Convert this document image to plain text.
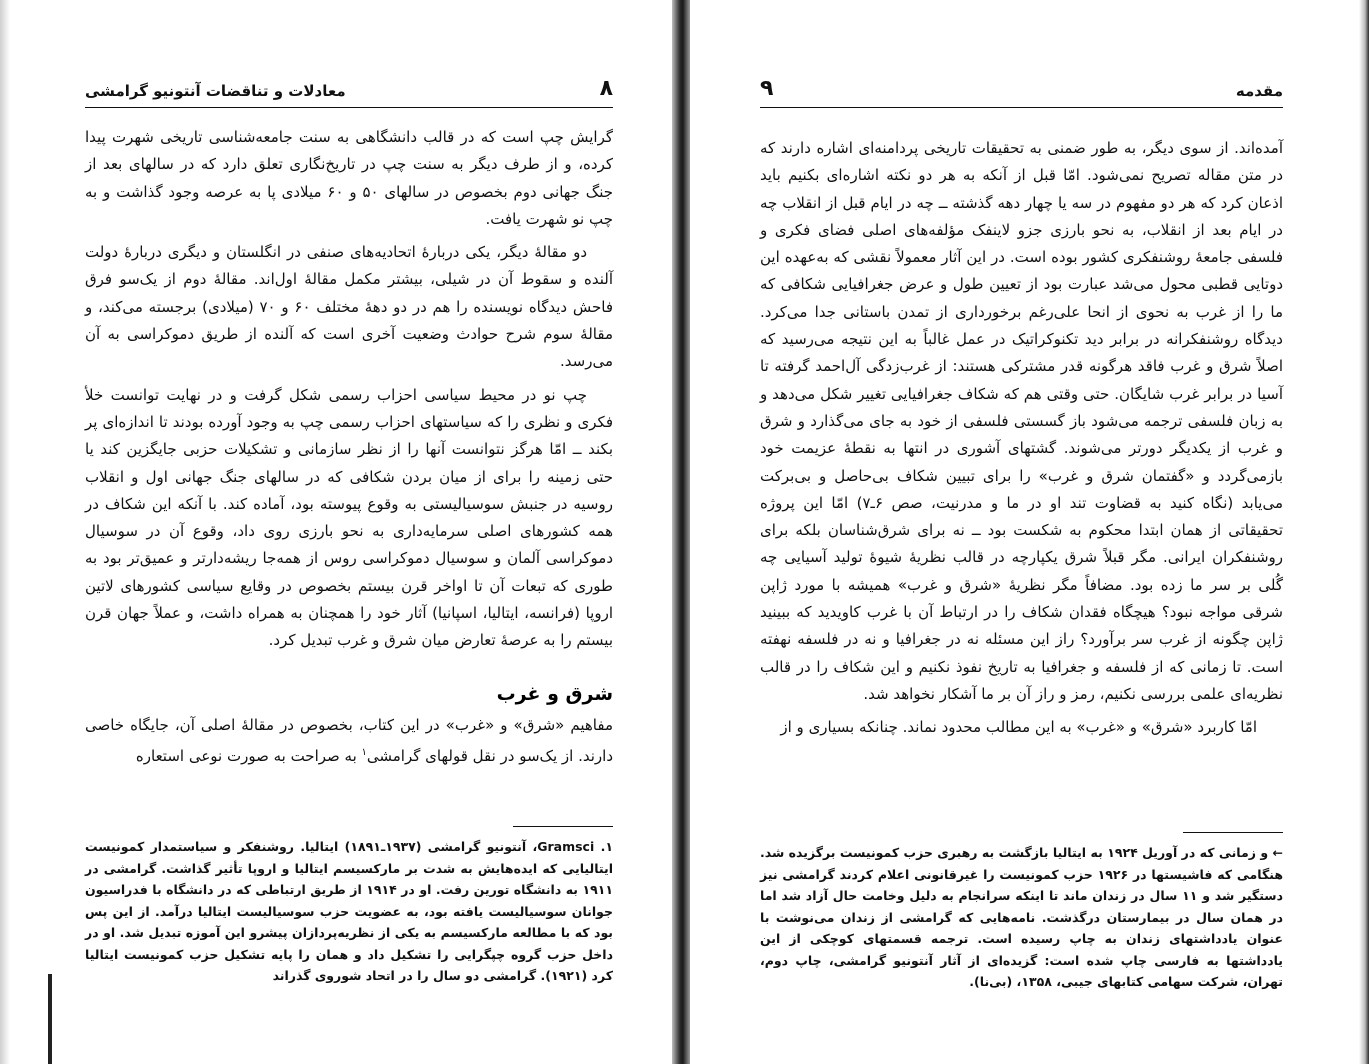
معادلات و تناقضات آنتونیو گرامشی	۸

گرایش چپ است که در قالب دانشگاهی به سنت جامعه‌شناسی تاریخی شهرت پیدا کرده، و از طرف دیگر به سنت چپ در تاریخ‌نگاری تعلق دارد که در سالهای بعد از جنگ جهانی دوم بخصوص در سالهای ۵۰ و ۶۰ میلادی پا به عرصه وجود گذاشت و به چپ نو شهرت یافت.

دو مقالهٔ دیگر، یکی دربارهٔ اتحادیه‌های صنفی در انگلستان و دیگری دربارهٔ دولت آلنده و سقوط آن در شیلی، بیشتر مکمل مقالهٔ اول‌اند. مقالهٔ دوم از یک‌سو فرق فاحش دیدگاه نویسنده را هم در دو دههٔ مختلف ۶۰ و ۷۰ (میلادی) برجسته می‌کند، و مقالهٔ سوم شرح حوادث وضعیت آخری است که آلنده از طریق دموکراسی به آن می‌رسد.

چپ نو در محیط سیاسی احزاب رسمی شکل گرفت و در نهایت توانست خلأ فکری و نظری را که سیاستهای احزاب رسمی چپ به وجود آورده بودند تا اندازه‌ای پر بکند ــ امّا هرگز نتوانست آنها را از نظر سازمانی و تشکیلات حزبی جایگزین کند یا حتی زمینه را برای از میان بردن شکافی که در سالهای جنگ جهانی اول و انقلاب روسیه در جنبش سوسیالیستی به وقوع پیوسته بود، آماده کند. با آنکه این شکاف در همه کشورهای اصلی سرمایه‌داری به نحو بارزی روی داد، وقوع آن در سوسیال دموکراسی آلمان و سوسیال دموکراسی روس از همه‌جا ریشه‌دارتر و عمیق‌تر بود به طوری که تبعات آن تا اواخر قرن بیستم بخصوص در وقایع سیاسی کشورهای لاتین اروپا (فرانسه، ایتالیا، اسپانیا) آثار خود را همچنان به همراه داشت، و عملاً جهان قرن بیستم را به عرصهٔ تعارض میان شرق و غرب تبدیل کرد.

شرق و غرب

مفاهیم «شرق» و «غرب» در این کتاب، بخصوص در مقالهٔ اصلی آن، جایگاه خاصی دارند. از یک‌سو در نقل قولهای گرامشی$^۱$ به صراحت به صورت نوعی استعاره

۱. Gramsci، آنتونیو گرامشی (۱۹۳۷ـ۱۸۹۱) ایتالیا. روشنفکر و سیاستمدار کمونیست ایتالیایی که ایده‌هایش به شدت بر مارکسیسم ایتالیا و اروپا تأثیر گذاشت. گرامشی در ۱۹۱۱ به دانشگاه تورین رفت. او در ۱۹۱۴ از طریق ارتباطی که در دانشگاه با فدراسیون جوانان سوسیالیست یافته بود، به عضویت حزب سوسیالیست ایتالیا درآمد. از این پس بود که با مطالعه مارکسیسم به یکی از نظریه‌پردازان پیشرو این آموزه تبدیل شد. او در داخل حزب گروه چپگرایی را تشکیل داد و همان را پایه تشکیل حزب کمونیست ایتالیا کرد (۱۹۲۱). گرامشی دو سال را در اتحاد شوروی گذراند

مقدمه
۹

آمده‌اند. از سوی دیگر، به طور ضمنی به تحقیقات تاریخی پردامنه‌ای اشاره دارند که در متن مقاله تصریح نمی‌شود. امّا قبل از آنکه به هر دو نکته اشاره‌ای بکنیم باید اذعان کرد که هر دو مفهوم در سه یا چهار دهه گذشته ــ چه در ایام قبل از انقلاب چه در ایام بعد از انقلاب، به نحو بارزی جزو لاینفک مؤلفه‌های اصلی فضای فکری و فلسفی جامعهٔ روشنفکری کشور بوده است. در این آثار معمولاً نقشی که به‌عهده این دوتایی قطبی محول می‌شد عبارت بود از تعیین طول و عرض جغرافیایی شکافی که ما را از غرب به نحوی از انحا علی‌رغم برخورداری از تمدن باستانی جدا می‌کرد. دیدگاه روشنفکرانه در برابر دید تکنوکراتیک در عمل غالباً به این نتیجه می‌رسید که اصلاً شرق و غرب فاقد هرگونه قدر مشترکی هستند: از غرب‌زدگی آل‌احمد گرفته تا آسیا در برابر غرب شایگان. حتی وقتی هم که شکاف جغرافیایی تغییر شکل می‌دهد و به زبان فلسفی ترجمه می‌شود باز گسستی فلسفی از خود به جای می‌گذارد و شرق و غرب از یکدیگر دورتر می‌شوند. گشتهای آشوری در انتها به نقطهٔ عزیمت خود بازمی‌گردد و «گفتمان شرق و غرب» را برای تبیین شکاف بی‌حاصل و بی‌برکت می‌یابد (نگاه کنید به قضاوت تند او در ما و مدرنیت، صص ۶ـ۷) امّا این پروژه تحقیقاتی از همان ابتدا محکوم به شکست بود ــ نه برای شرق‌شناسان بلکه برای روشنفکران ایرانی. مگر قبلاً شرق یکپارچه در قالب نظریهٔ شیوهٔ تولید آسیایی چه گُلی بر سر ما زده بود. مضافاً مگر نظریهٔ «شرق و غرب» همیشه با مورد ژاپن شرقی مواجه نبود؟ هیچگاه فقدان شکاف را در ارتباط آن با غرب کاویدید که ببینید ژاپن چگونه از غرب سر برآورد؟ راز این مسئله نه در جغرافیا و نه در فلسفه نهفته است. تا زمانی که از فلسفه و جغرافیا به تاریخ نفوذ نکنیم و این شکاف را در قالب نظریه‌ای علمی بررسی نکنیم، رمز و راز آن بر ما آشکار نخواهد شد.

امّا کاربرد «شرق» و «غرب» به این مطالب محدود نماند. چنانکه بسیاری و از

← و زمانی که در آوریل ۱۹۲۴ به ایتالیا بازگشت به رهبری حزب کمونیست برگزیده شد. هنگامی که فاشیستها در ۱۹۲۶ حزب کمونیست را غیرقانونی اعلام کردند گرامشی نیز دستگیر شد و ۱۱ سال در زندان ماند تا اینکه سرانجام به دلیل وخامت حال آزاد شد اما در همان سال در بیمارستان درگذشت. نامه‌هایی که گرامشی از زندان می‌نوشت با عنوان یادداشتهای زندان به چاپ رسیده است. ترجمه قسمتهای کوچکی از این یادداشتها به فارسی چاپ شده است: گزیده‌ای از آثار آنتونیو گرامشی، چاپ دوم، تهران، شرکت سهامی کتابهای جیبی، ۱۳۵۸، (بی‌نا).
